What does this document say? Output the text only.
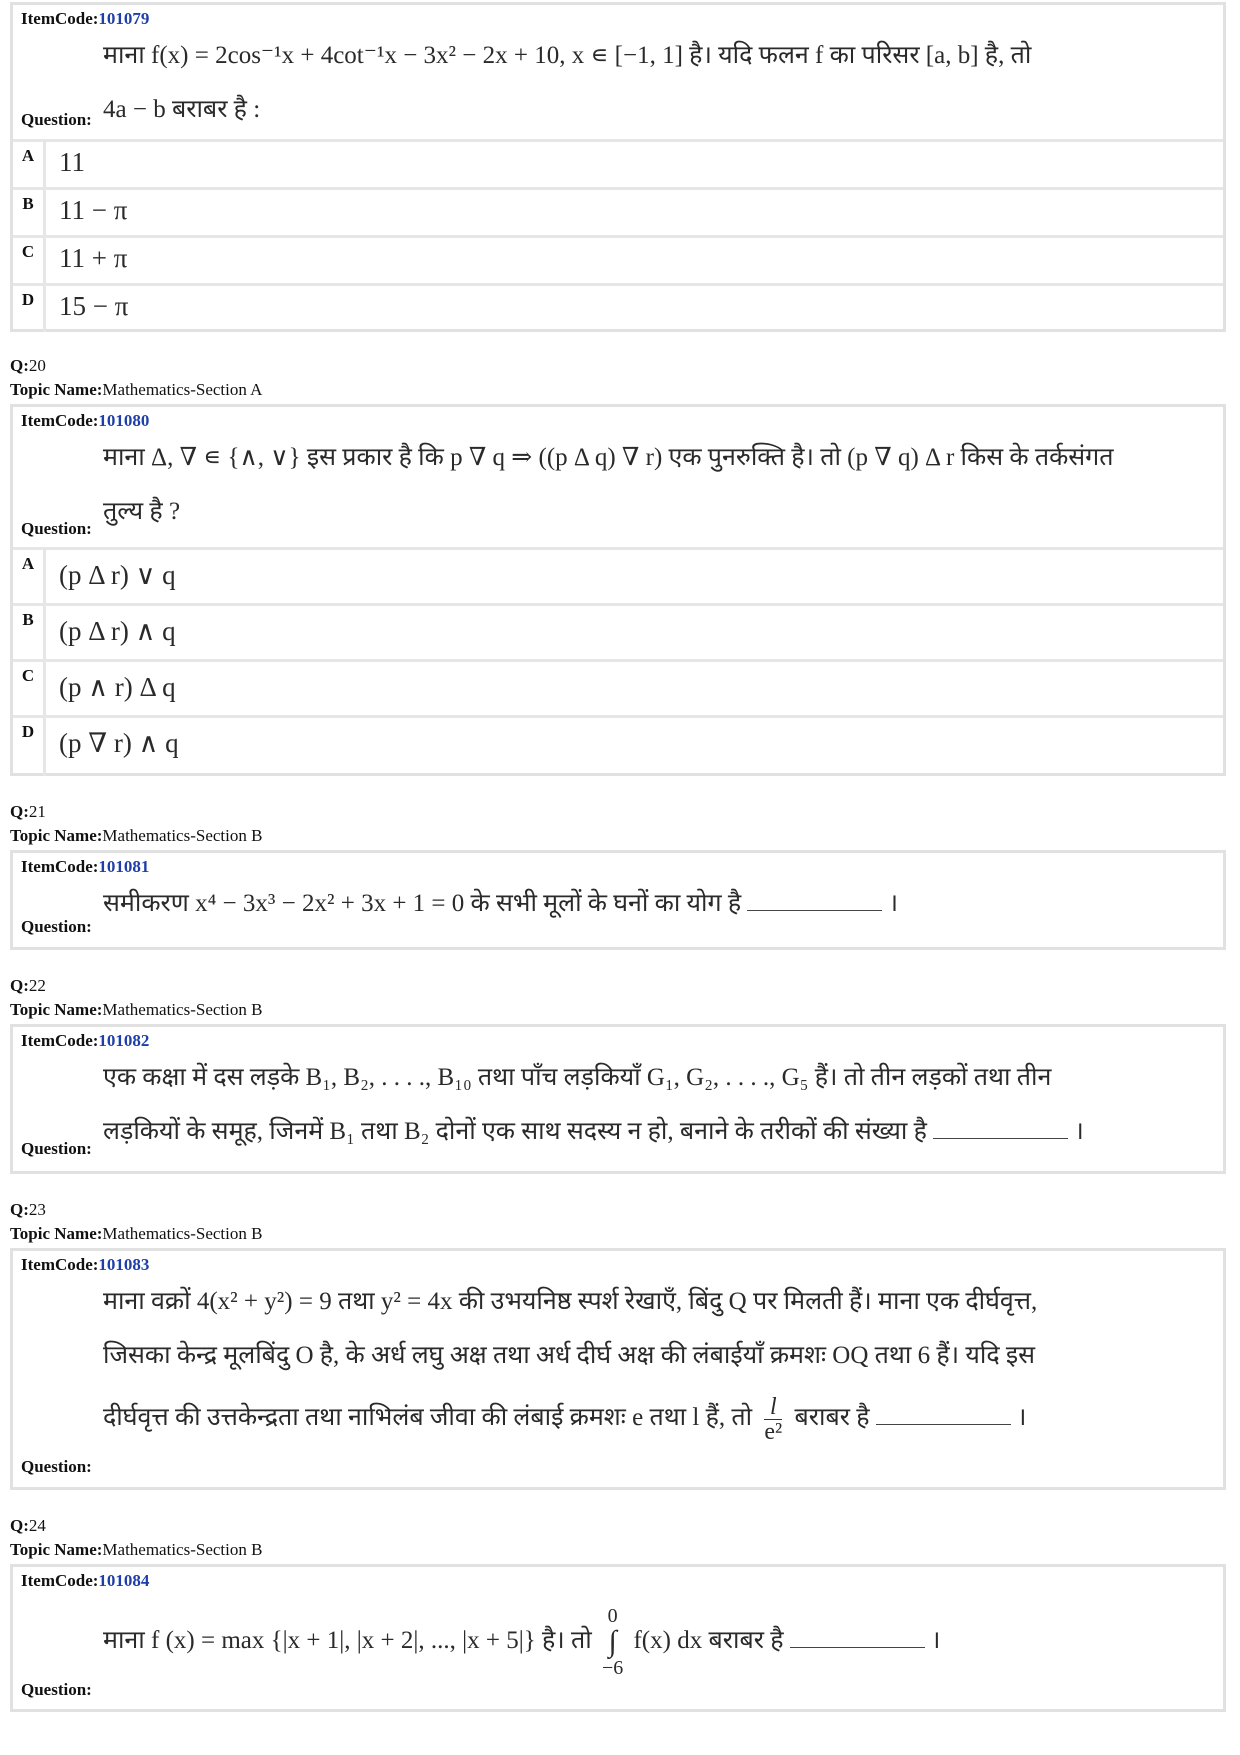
ItemCode:101079
माना f(x) = 2cos⁻¹x + 4cot⁻¹x − 3x² − 2x + 10, x ∊ [−1, 1] है। यदि फलन f का परिसर [a, b] है, तो
4a − b बराबर है :
Question:
A 11
B 11 − π
C 11 + π
D 15 − π
Q:20
Topic Name:Mathematics-Section A
ItemCode:101080
माना Δ, ∇ ∊ {∧, ∨} इस प्रकार है कि p ∇ q ⇒ ((p Δ q) ∇ r) एक पुनरुक्ति है। तो (p ∇ q) Δ r किस के तर्कसंगत
तुल्य है ?
Question:
A (p Δ r) ∨ q
B (p Δ r) ∧ q
C (p ∧ r) Δ q
D (p ∇ r) ∧ q
Q:21
Topic Name:Mathematics-Section B
ItemCode:101081
समीकरण x⁴ − 3x³ − 2x² + 3x + 1 = 0 के सभी मूलों के घनों का योग है	।
Question:
Q:22
Topic Name:Mathematics-Section B
ItemCode:101082
एक कक्षा में दस लड़के B₁, B₂, . . . ., B₁₀ तथा पाँच लड़कियाँ G₁, G₂, . . . ., G₅ हैं। तो तीन लड़कों तथा तीन
लड़कियों के समूह, जिनमें B₁ तथा B₂ दोनों एक साथ सदस्य न हो, बनाने के तरीकों की संख्या है	।
Question:
Q:23
Topic Name:Mathematics-Section B
ItemCode:101083
माना वक्रों 4(x² + y²) = 9 तथा y² = 4x की उभयनिष्ठ स्पर्श रेखाएँ, बिंदु Q पर मिलती हैं। माना एक दीर्घवृत्त,
जिसका केन्द्र मूलबिंदु O है, के अर्ध लघु अक्ष तथा अर्ध दीर्घ अक्ष की लंबाईयाँ क्रमशः OQ तथा 6 हैं। यदि इस
दीर्घवृत्त की उत्तकेन्द्रता तथा नाभिलंब जीवा की लंबाई क्रमशः e तथा l हैं, तो $\frac{l}{\text{e²}}$ बराबर है	।
Question:
Q:24
Topic Name:Mathematics-Section B
ItemCode:101084
माना f (x) = max {|x + 1|, |x + 2|, ..., |x + 5|} है। तो
0
∫
−6
f(x) dx बराबर है	।
Question:
